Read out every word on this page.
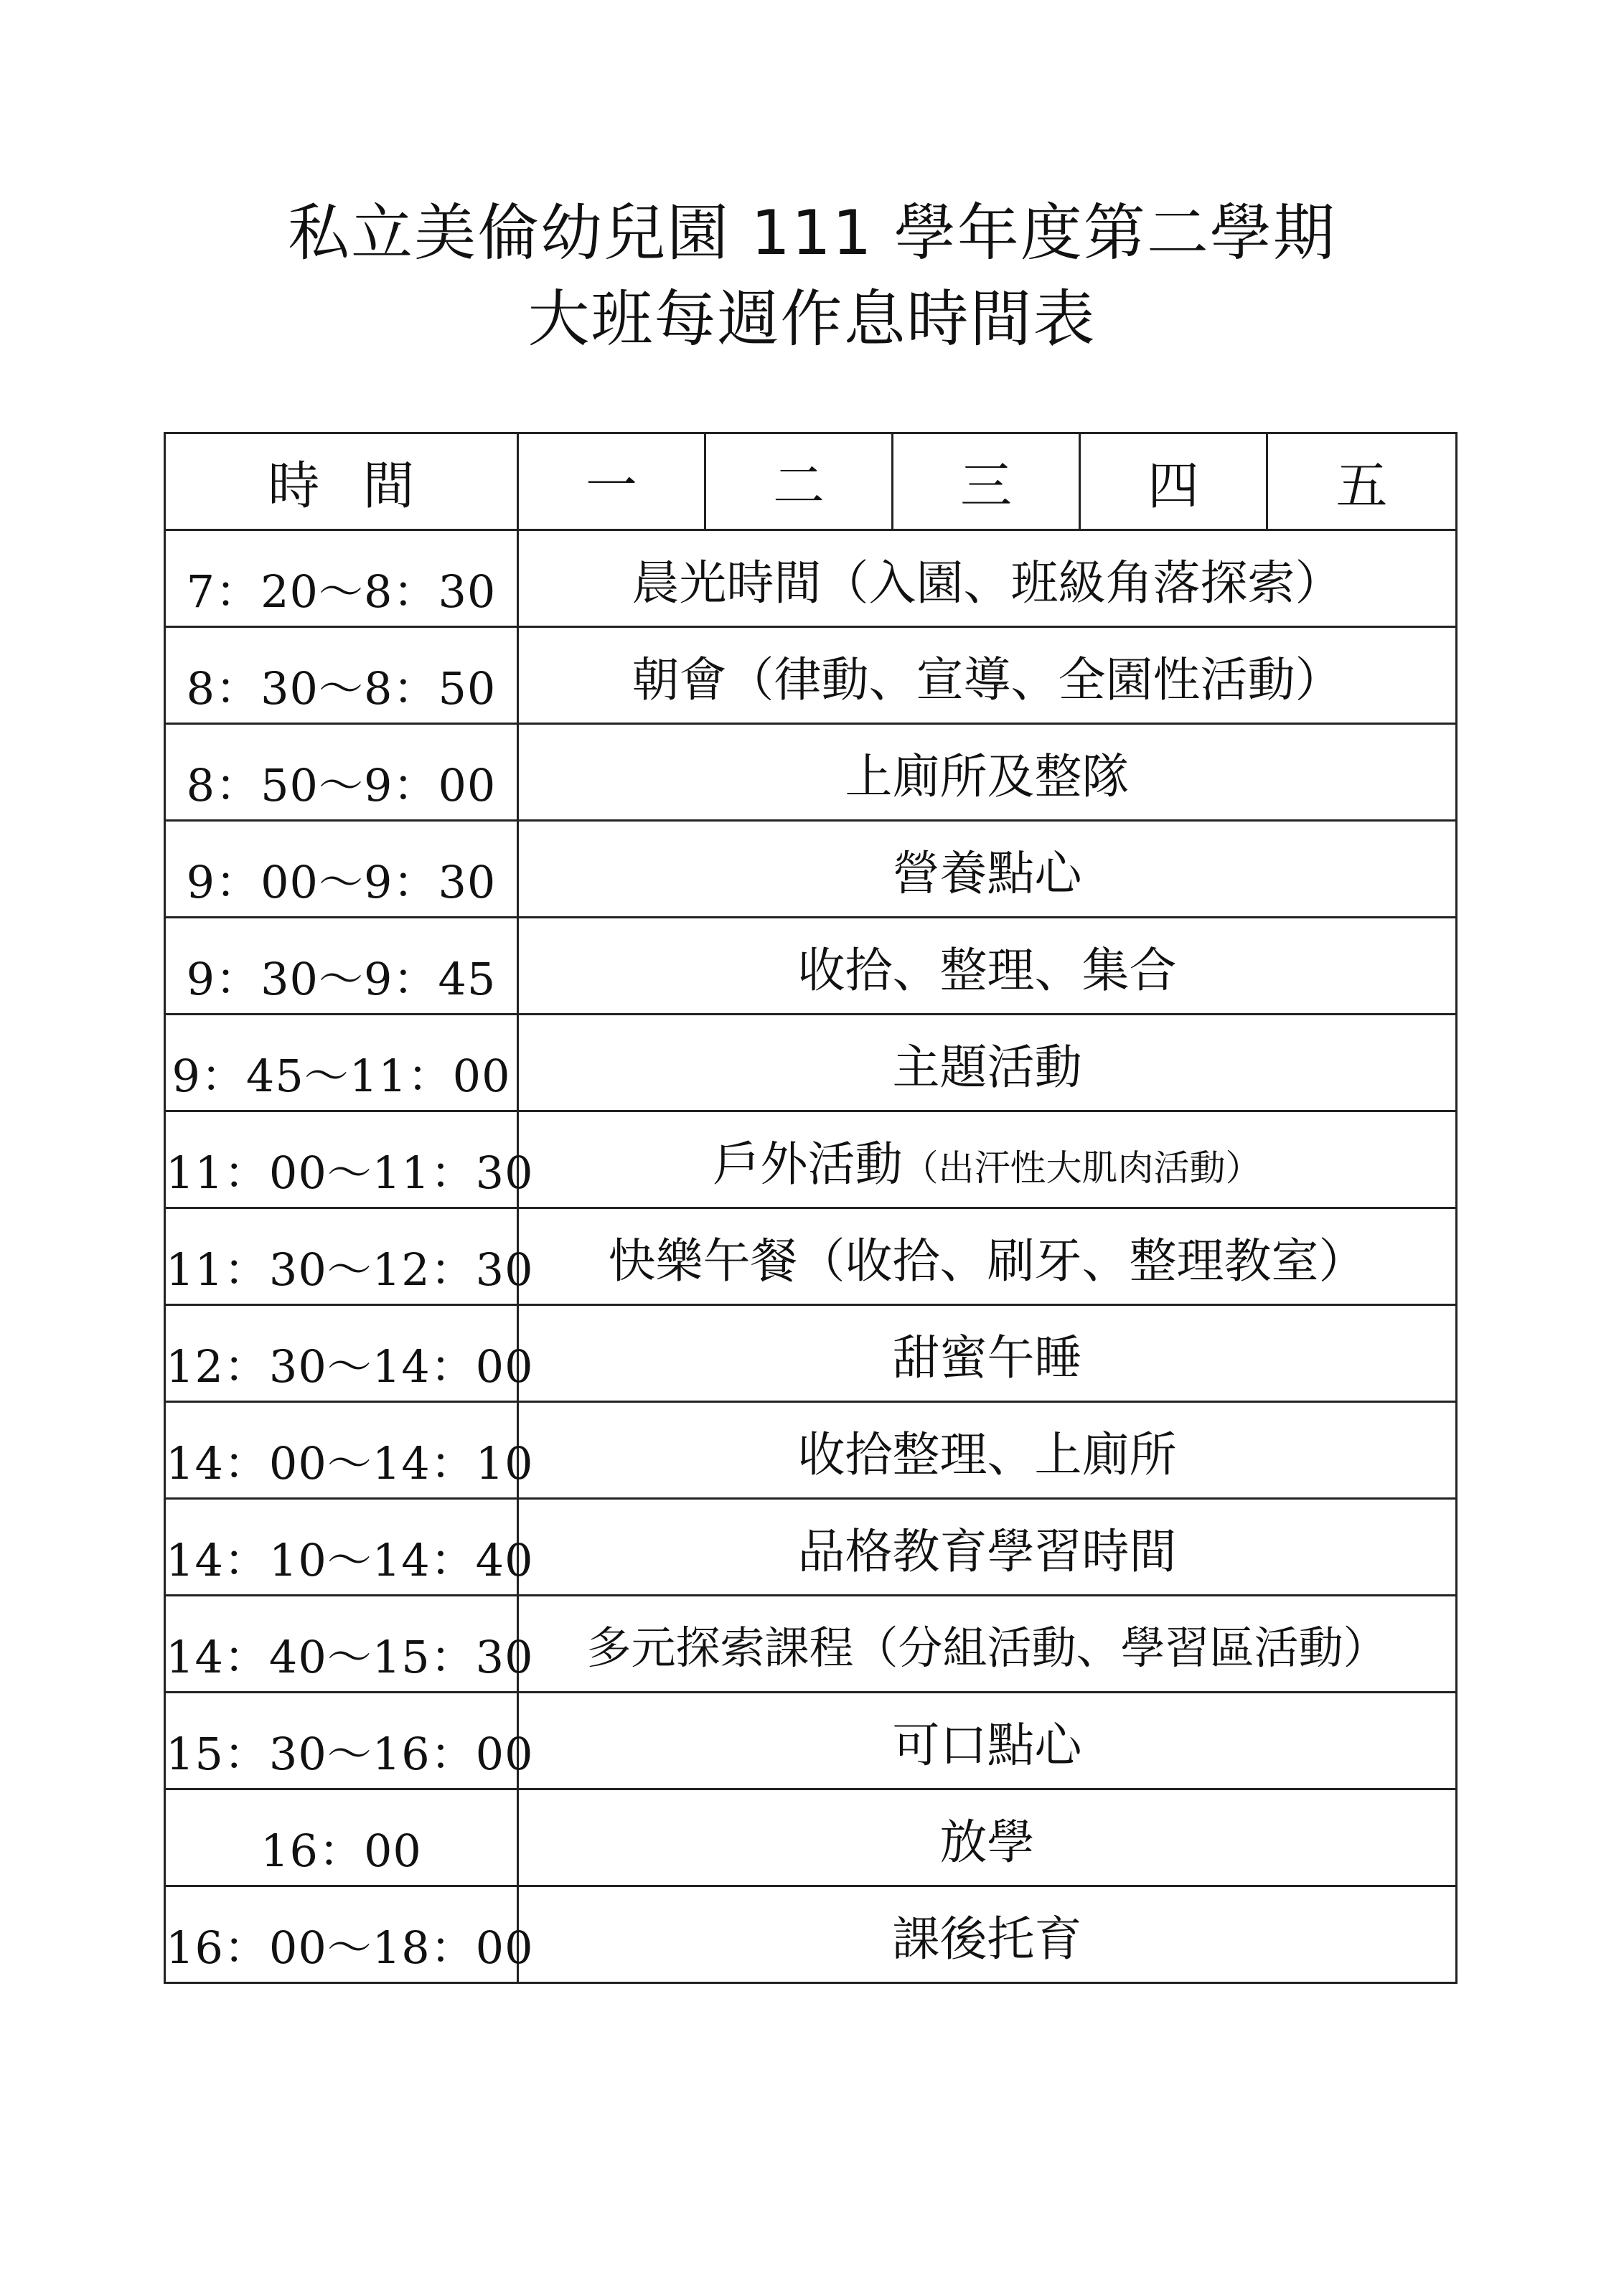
私立美倫幼兒園 111 學年度第二學期
大班每週作息時間表
時間	一	二	三	四	五
7：20～8：30	晨光時間（入園、班級角落探索）				
8：30～8：50	朝會（律動、宣導、全園性活動）				
8：50～9：00	上廁所及整隊				
9：00～9：30	營養點心				
9：30～9：45	收拾、整理、集合				
9：45～11：00	主題活動				
11：00～11：30	戶外活動（出汗性大肌肉活動）				
11：30～12：30	快樂午餐（收拾、刷牙、整理教室）				
12：30～14：00	甜蜜午睡				
14：00～14：10	收拾整理、上廁所				
14：10～14：40	品格教育學習時間				
14：40～15：30	多元探索課程（分組活動、學習區活動）				
15：30～16：00	可口點心				
16：00	放學				
16：00～18：00	課後托育				
